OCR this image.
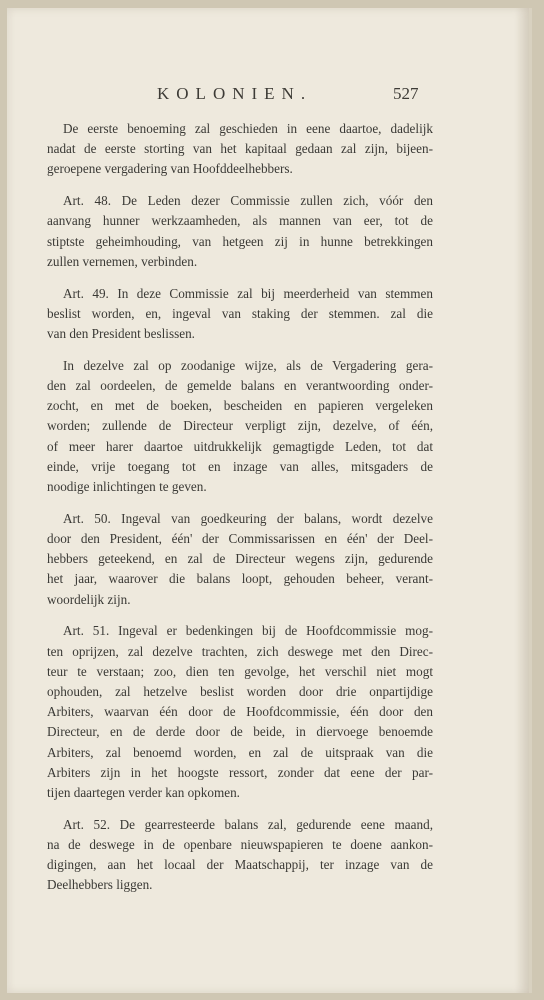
KOLONIEN.	527

De eerste benoeming zal geschieden in eene daartoe, dadelijk
nadat de eerste storting van het kapitaal gedaan zal zijn, bijeen-
geroepene vergadering van Hoofddeelhebbers.

Art. 48. De Leden dezer Commissie zullen zich, vóór den
aanvang hunner werkzaamheden, als mannen van eer, tot de
stiptste geheimhouding, van hetgeen zij in hunne betrekkingen
zullen vernemen, verbinden.

Art. 49. In deze Commissie zal bij meerderheid van stemmen
beslist worden, en, ingeval van staking der stemmen. zal die
van den President beslissen.

In dezelve zal op zoodanige wijze, als de Vergadering gera-
den zal oordeelen, de gemelde balans en verantwoording onder-
zocht, en met de boeken, bescheiden en papieren vergeleken
worden; zullende de Directeur verpligt zijn, dezelve, of één,
of meer harer daartoe uitdrukkelijk gemagtigde Leden, tot dat
einde, vrije toegang tot en inzage van alles, mitsgaders de
noodige inlichtingen te geven.

Art. 50. Ingeval van goedkeuring der balans, wordt dezelve
door den President, één' der Commissarissen en één' der Deel-
hebbers geteekend, en zal de Directeur wegens zijn, gedurende
het jaar, waarover die balans loopt, gehouden beheer, verant-
woordelijk zijn.

Art. 51. Ingeval er bedenkingen bij de Hoofdcommissie mog-
ten oprijzen, zal dezelve trachten, zich deswege met den Direc-
teur te verstaan; zoo, dien ten gevolge, het verschil niet mogt
ophouden, zal hetzelve beslist worden door drie onpartijdige
Arbiters, waarvan één door de Hoofdcommissie, één door den
Directeur, en de derde door de beide, in diervoege benoemde
Arbiters, zal benoemd worden, en zal de uitspraak van die
Arbiters zijn in het hoogste ressort, zonder dat eene der par-
tijen daartegen verder kan opkomen.

Art. 52. De gearresteerde balans zal, gedurende eene maand,
na de deswege in de openbare nieuwspapieren te doene aankon-
digingen, aan het locaal der Maatschappij, ter inzage van de
Deelhebbers liggen.
